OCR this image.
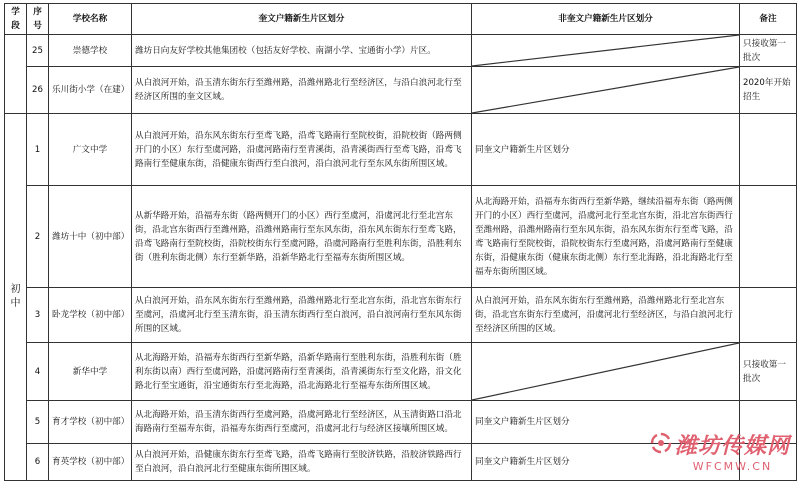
学段	序号	学校名称	奎文户籍新生片区划分	非奎文户籍新生片区划分	备注
	25	崇德学校	潍坊日向友好学校其他集团校（包括友好学校、南湖小学、宝通街小学）片区。		只接收第一批次
	26	乐川街小学（在建）	从白浪河开始，沿玉清东街东行至潍州路，沿潍州路北行至经济区，与沿白浪河北行至经济区所围的奎文区域。		2020年开始招生
初中	1	广文中学	从白浪河开始，沿东风东街东行至鸢飞路，沿鸢飞路南行至院校街，沿院校街（路两侧开门的小区）东行至虞河路，沿虞河路南行至青溪街，沿青溪街西行至鸢飞路，沿鸢飞路南行至健康东街，沿健康东街西行至白浪河，沿白浪河北行至东风东街所围区域。	同奎文户籍新生片区划分	
	2	潍坊十中（初中部）	从新华路开始，沿福寿东街（路两侧开门的小区）西行至虞河，沿虞河北行至北宫东街，沿北宫东街西行至潍州路，沿潍州路南行至东风东街，沿东风东街东行至鸢飞路，沿鸢飞路南行至院校街，沿院校街东行至虞河路，沿虞河路南行至胜利东街，沿胜利东街（胜利东街北侧）东行至新华路，沿新华路北行至福寿东街所围区域。	从北海路开始，沿福寿东街西行至新华路，继续沿福寿东街（路两侧开门的小区）西行至虞河，沿虞河北行至北宫东街，沿北宫东街西行至潍州路，沿潍州路南行至东风东街，沿东风东街东行至鸢飞路，沿鸢飞路南行至院校街，沿院校街东行至虞河路，沿虞河路南行至健康东街，沿健康东街（健康东街北侧）东行至北海路，沿北海路北行至福寿东街所围区域。	
	3	卧龙学校（初中部）	从白浪河开始，沿东风东街东行至潍州路，沿潍州路北行至北宫东街，沿北宫东街东行至虞河，沿虞河北行至玉清东街，沿玉清东街西行至白浪河，沿白浪河南行至东风东街所围的区域。	从白浪河开始，沿东风东街东行至潍州路，沿潍州路北行至北宫东街，沿北宫东街东行至虞河，沿虞河北行至经济区，与沿白浪河北行至经济区所围的区域。	
	4	新华中学	从北海路开始，沿福寿东街西行至新华路，沿新华路南行至胜利东街，沿胜利东街（胜利东街以南）西行至虞河路，沿虞河路南行至青溪街，沿青溪街东行至文化路，沿文化路北行至宝通街，沿宝通街东行至北海路，沿北海路北行至福寿东街所围区域。		只接收第一批次
	5	育才学校（初中部）	从北海路开始，沿玉清东街西行至虞河路，沿虞河路北行至经济区，从玉清街路口沿北海路南行至福寿东街，沿福寿东街西行至虞河，沿虞河北行与经济区接壤所围区域。	同奎文户籍新生片区划分	
	6	育英学校（初中部）	从白浪河开始，沿健康东街东行至鸢飞路，沿鸢飞路南行至胶济铁路，沿胶济铁路西行至白浪河，沿白浪河北行至健康东街所围区域。	同奎文户籍新生片区划分	
潍坊传媒网
WFCMW.CN
